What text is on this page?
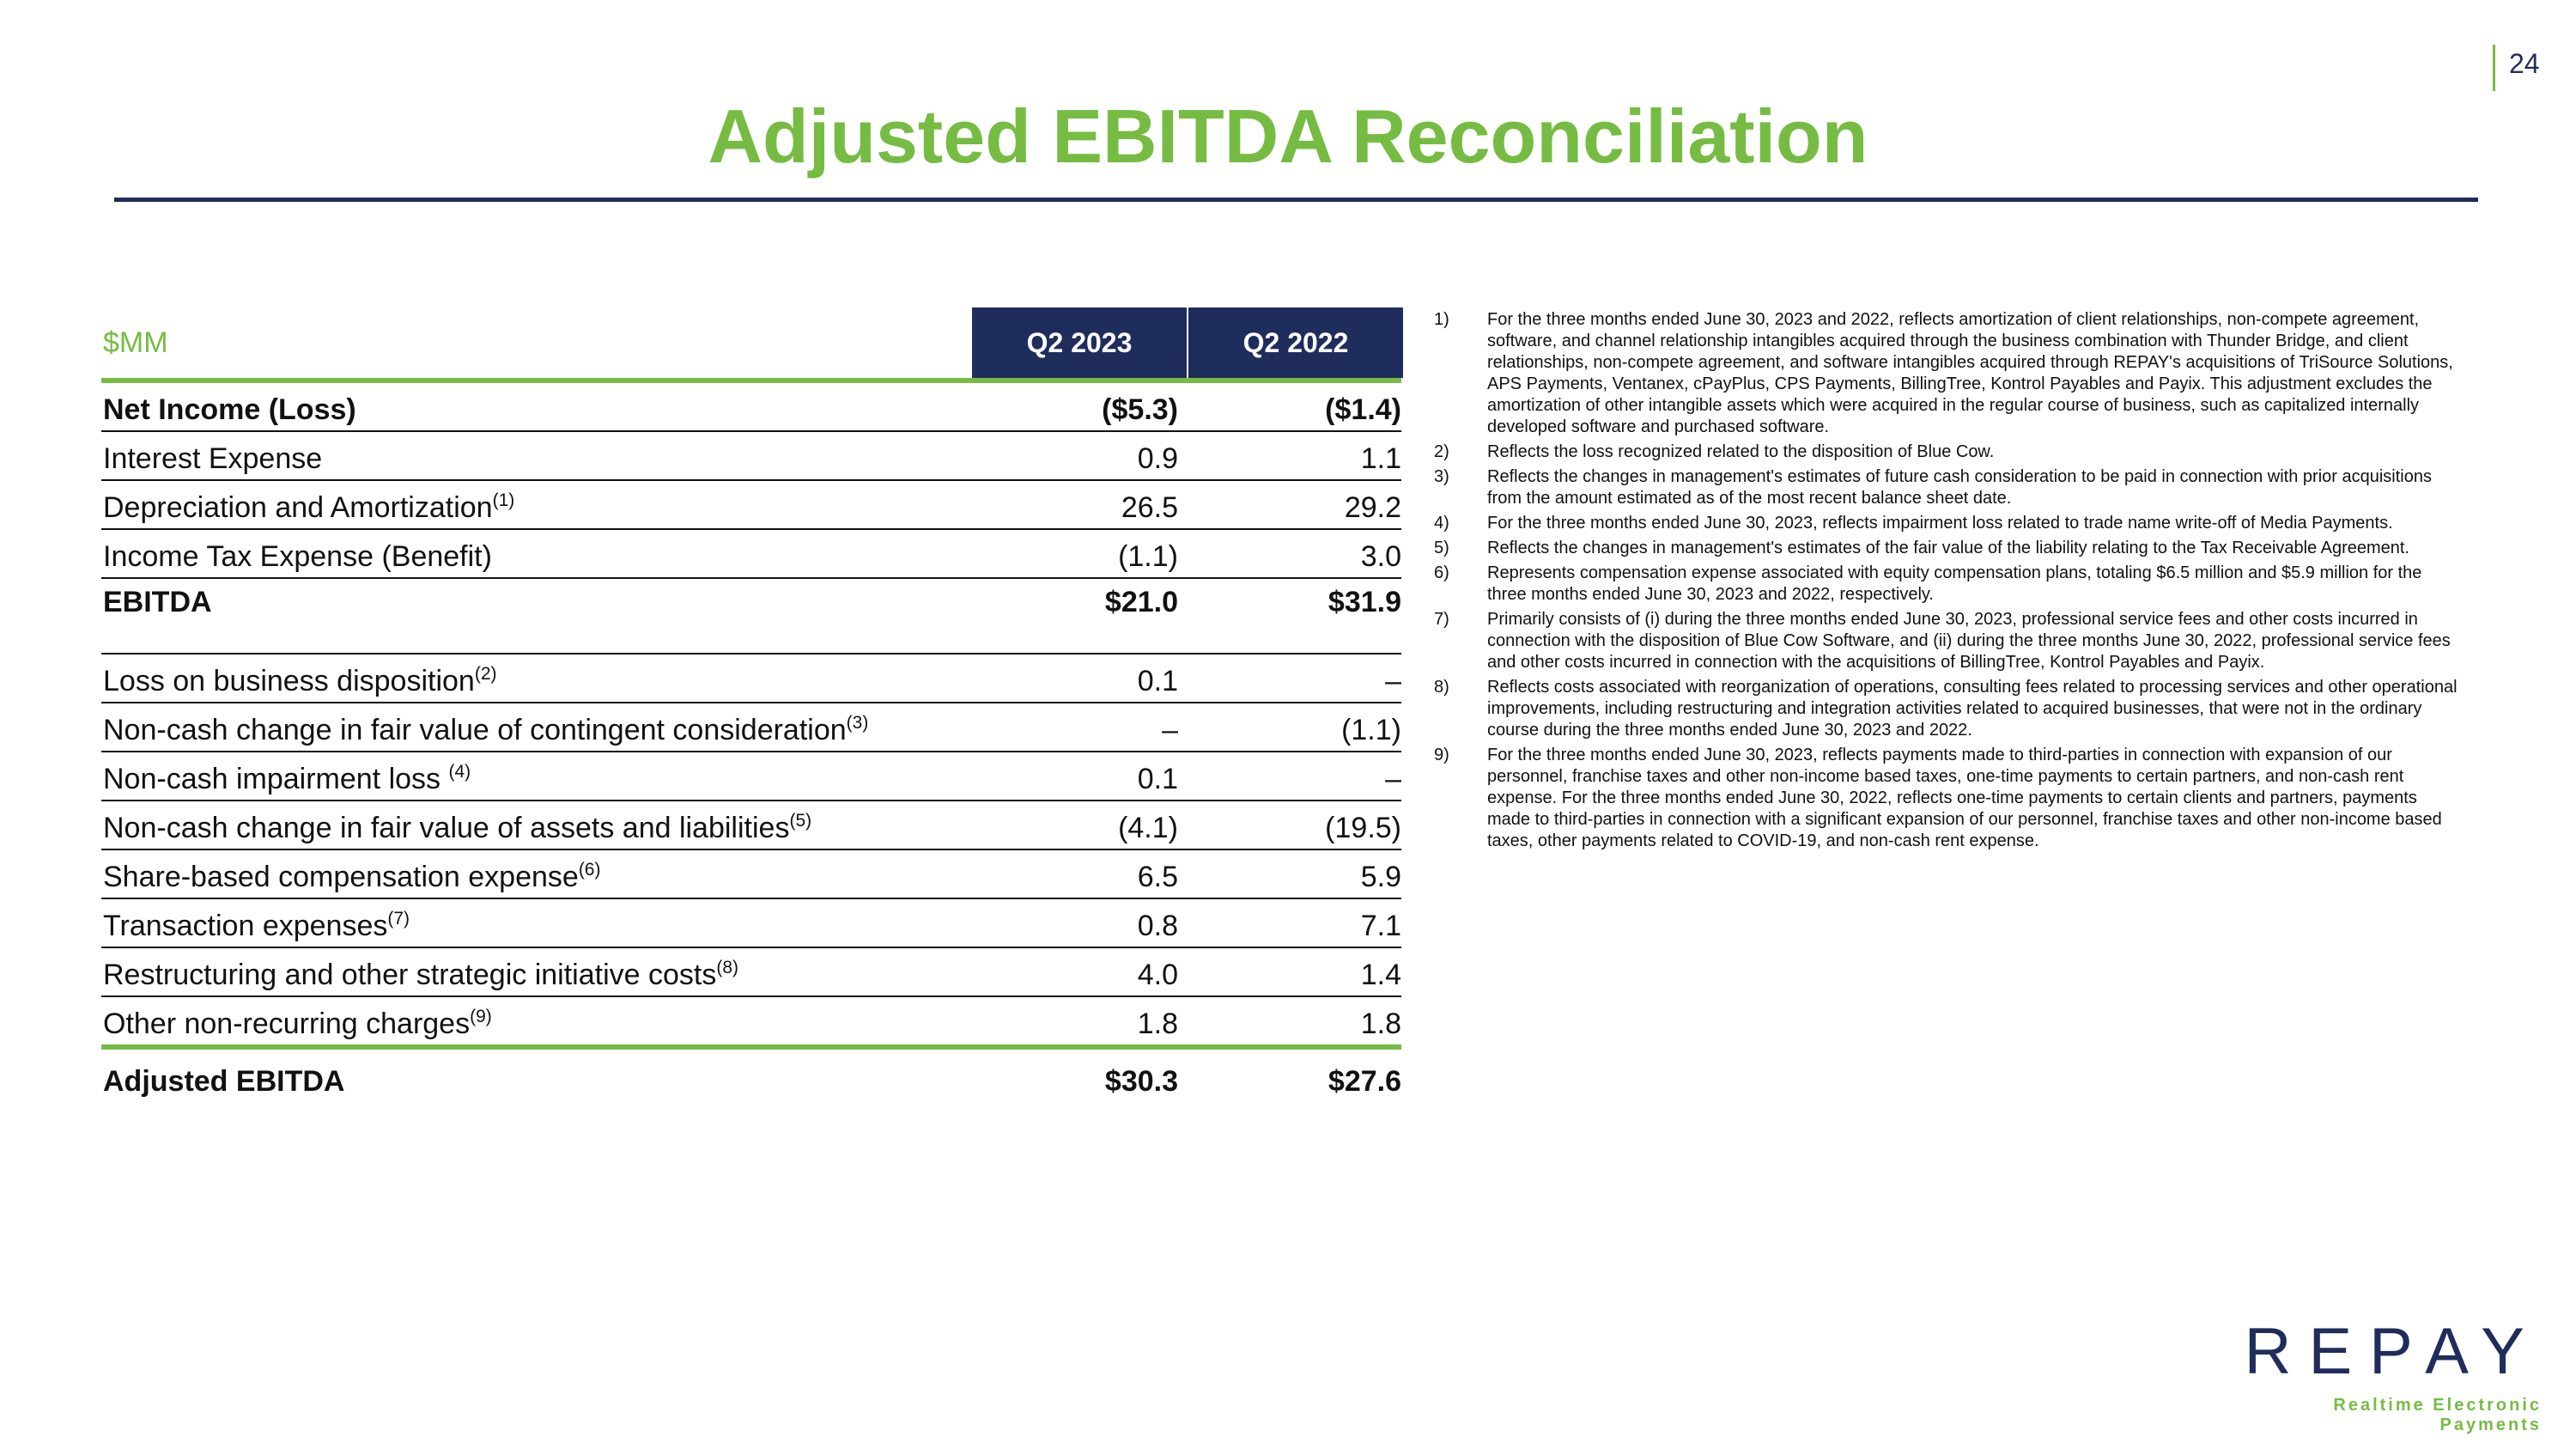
24
Adjusted EBITDA Reconciliation
$MM	Q2 2023	Q2 2022
Net Income (Loss)	($5.3)	($1.4)
Interest Expense	0.9	1.1
Depreciation and Amortization$^{(1)}$	26.5	29.2
Income Tax Expense (Benefit)	(1.1)	3.0
EBITDA	$21.0	$31.9
Loss on business disposition$^{(2)}$	0.1	–
Non-cash change in fair value of contingent consideration$^{(3)}$	–	(1.1)
Non-cash impairment loss $^{(4)}$	0.1	–
Non-cash change in fair value of assets and liabilities$^{(5)}$	(4.1)	(19.5)
Share-based compensation expense$^{(6)}$	6.5	5.9
Transaction expenses$^{(7)}$	0.8	7.1
Restructuring and other strategic initiative costs$^{(8)}$	4.0	1.4
Other non-recurring charges$^{(9)}$	1.8	1.8
Adjusted EBITDA	$30.3	$27.6
1) For the three months ended June 30, 2023 and 2022, reflects amortization of client relationships, non-compete agreement, software, and channel relationship intangibles acquired through the business combination with Thunder Bridge, and client relationships, non-compete agreement, and software intangibles acquired through REPAY's acquisitions of TriSource Solutions, APS Payments, Ventanex, cPayPlus, CPS Payments, BillingTree, Kontrol Payables and Payix. This adjustment excludes the amortization of other intangible assets which were acquired in the regular course of business, such as capitalized internally developed software and purchased software.
2) Reflects the loss recognized related to the disposition of Blue Cow.
3) Reflects the changes in management's estimates of future cash consideration to be paid in connection with prior acquisitions from the amount estimated as of the most recent balance sheet date.
4) For the three months ended June 30, 2023, reflects impairment loss related to trade name write-off of Media Payments.
5) Reflects the changes in management's estimates of the fair value of the liability relating to the Tax Receivable Agreement.
6) Represents compensation expense associated with equity compensation plans, totaling $6.5 million and $5.9 million for the three months ended June 30, 2023 and 2022, respectively.
7) Primarily consists of (i) during the three months ended June 30, 2023, professional service fees and other costs incurred in connection with the disposition of Blue Cow Software, and (ii) during the three months June 30, 2022, professional service fees and other costs incurred in connection with the acquisitions of BillingTree, Kontrol Payables and Payix.
8) Reflects costs associated with reorganization of operations, consulting fees related to processing services and other operational improvements, including restructuring and integration activities related to acquired businesses, that were not in the ordinary course during the three months ended June 30, 2023 and 2022.
9) For the three months ended June 30, 2023, reflects payments made to third-parties in connection with expansion of our personnel, franchise taxes and other non-income based taxes, one-time payments to certain partners, and non-cash rent expense. For the three months ended June 30, 2022, reflects one-time payments to certain clients and partners, payments made to third-parties in connection with a significant expansion of our personnel, franchise taxes and other non-income based taxes, other payments related to COVID-19, and non-cash rent expense.
REPAY
Realtime Electronic Payments
